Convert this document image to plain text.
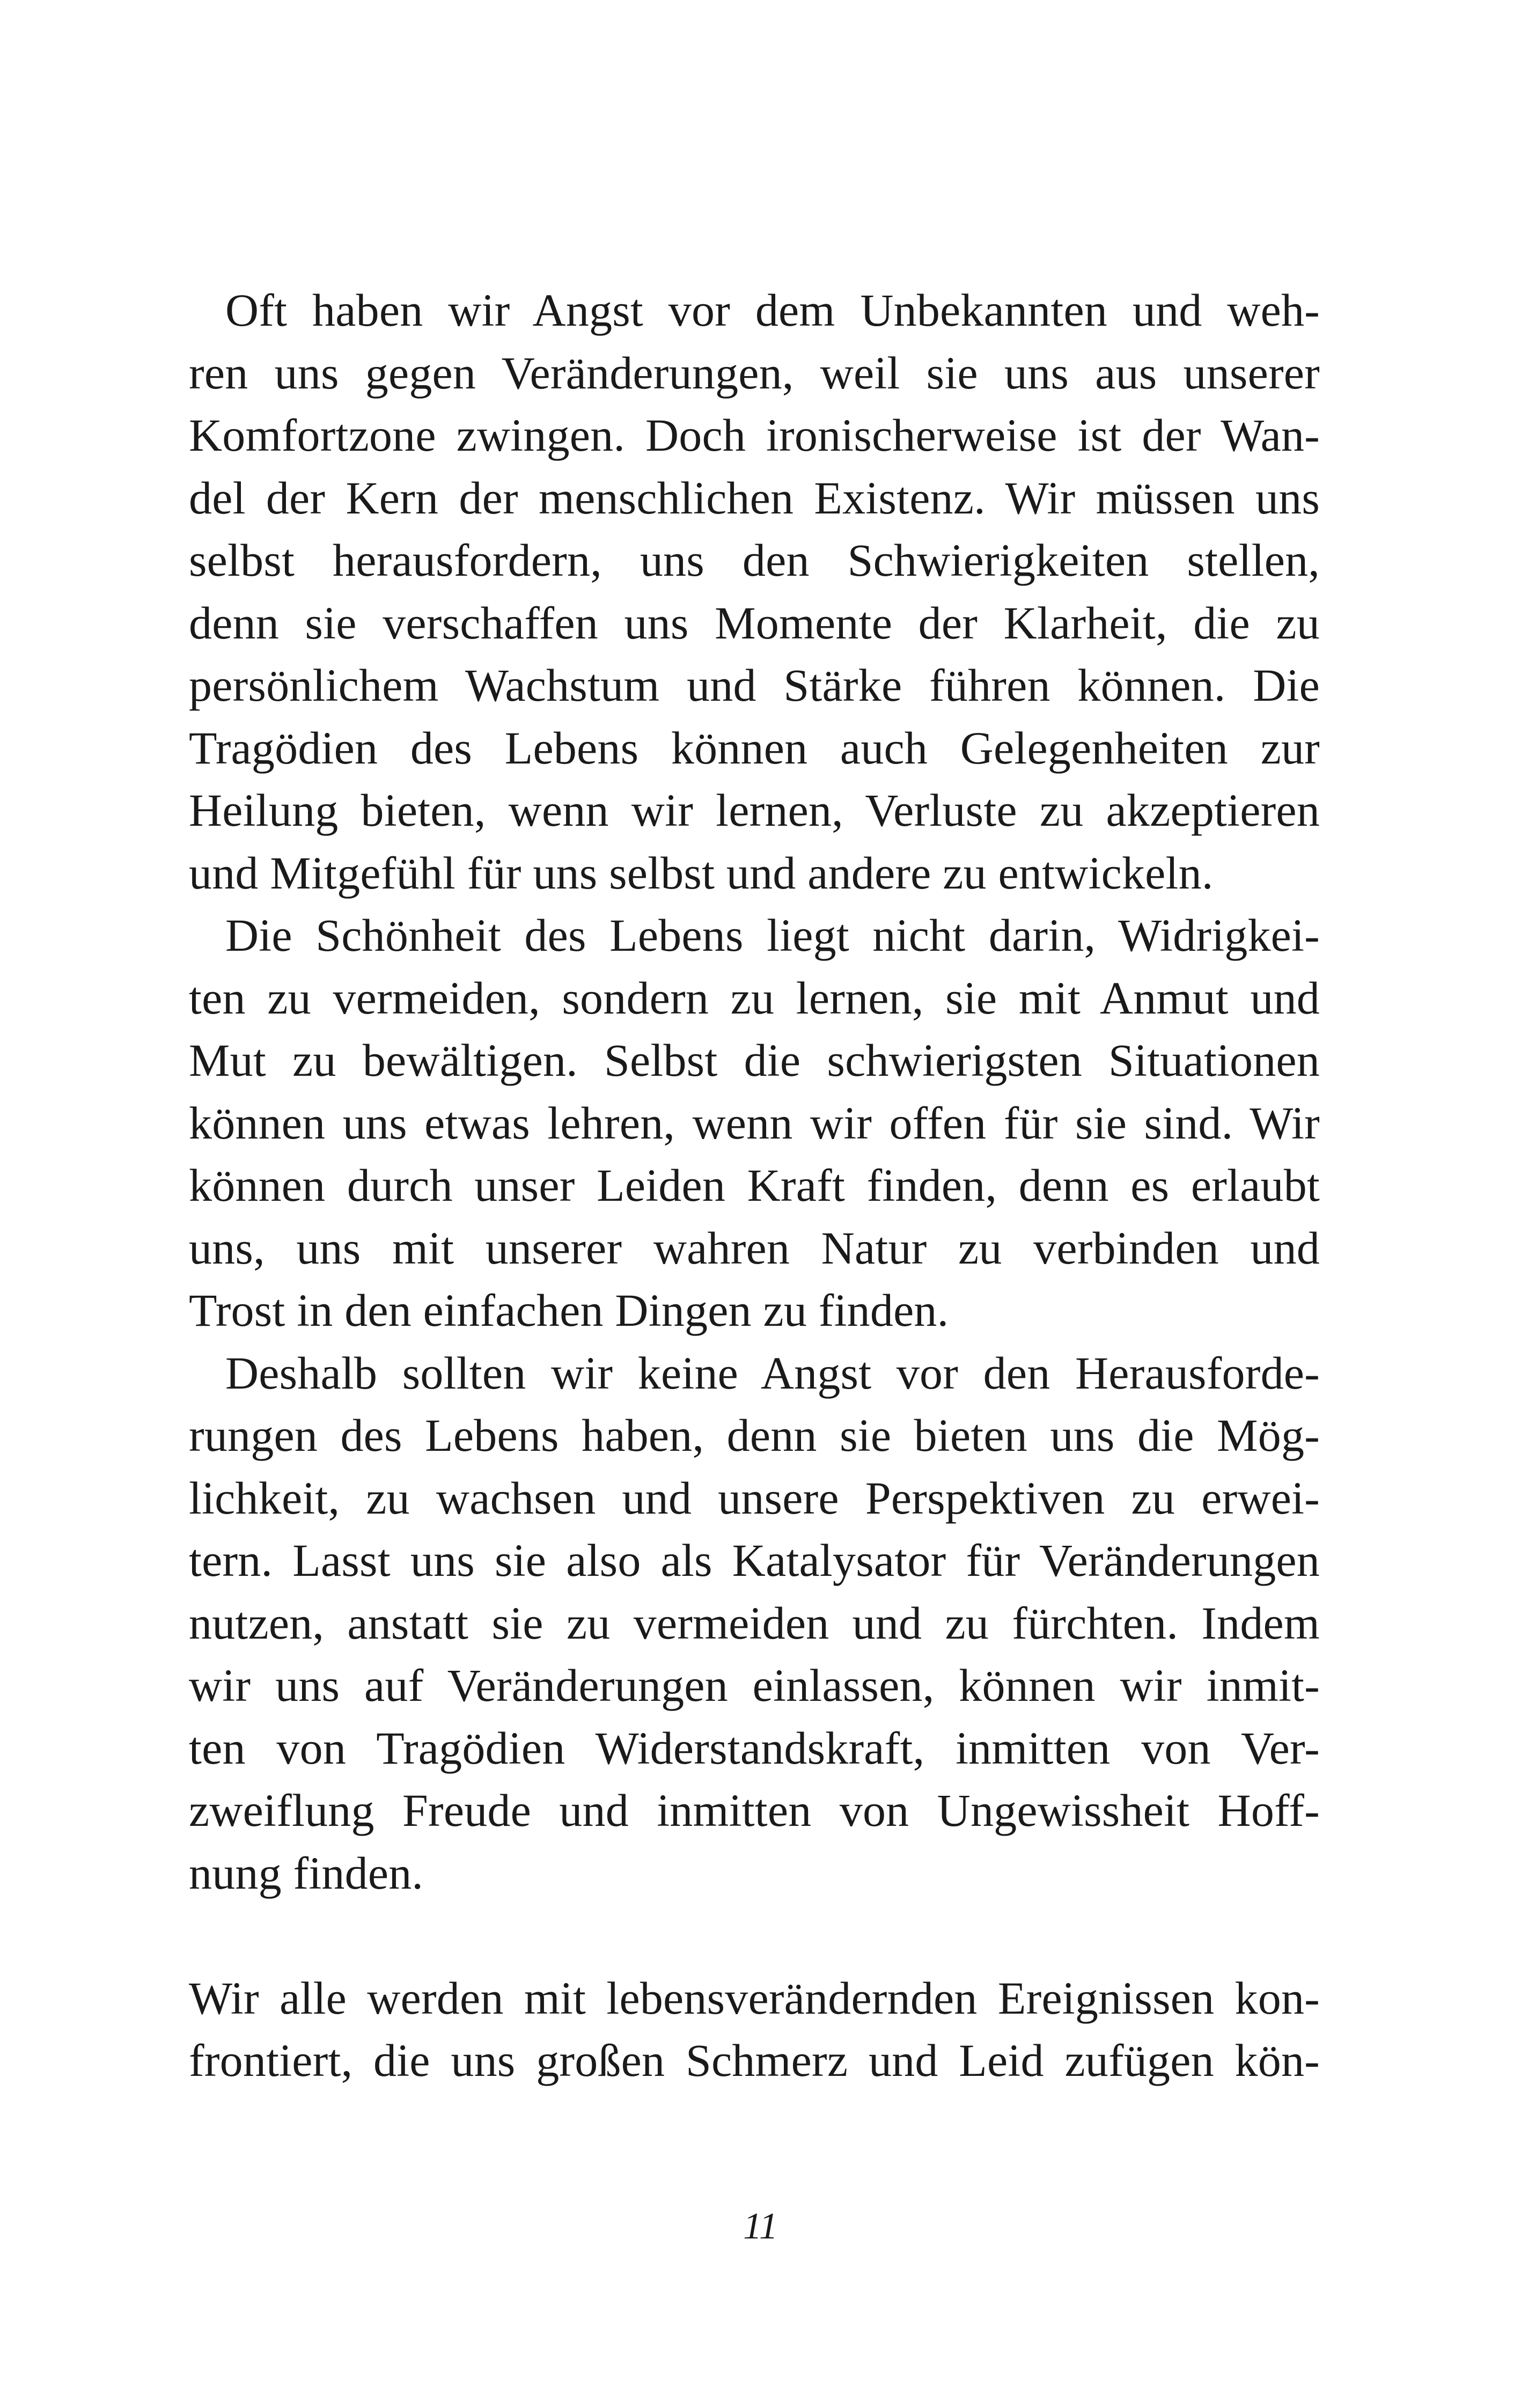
Oft haben wir Angst vor dem Unbekannten und weh-
ren uns gegen Veränderungen, weil sie uns aus unserer
Komfortzone zwingen. Doch ironischerweise ist der Wan-
del der Kern der menschlichen Existenz. Wir müssen uns
selbst herausfordern, uns den Schwierigkeiten stellen,
denn sie verschaffen uns Momente der Klarheit, die zu
persönlichem Wachstum und Stärke führen können. Die
Tragödien des Lebens können auch Gelegenheiten zur
Heilung bieten, wenn wir lernen, Verluste zu akzeptieren
und Mitgefühl für uns selbst und andere zu entwickeln.
Die Schönheit des Lebens liegt nicht darin, Widrigkei-
ten zu vermeiden, sondern zu lernen, sie mit Anmut und
Mut zu bewältigen. Selbst die schwierigsten Situationen
können uns etwas lehren, wenn wir offen für sie sind. Wir
können durch unser Leiden Kraft finden, denn es erlaubt
uns, uns mit unserer wahren Natur zu verbinden und
Trost in den einfachen Dingen zu finden.
Deshalb sollten wir keine Angst vor den Herausforde-
rungen des Lebens haben, denn sie bieten uns die Mög-
lichkeit, zu wachsen und unsere Perspektiven zu erwei-
tern. Lasst uns sie also als Katalysator für Veränderungen
nutzen, anstatt sie zu vermeiden und zu fürchten. Indem
wir uns auf Veränderungen einlassen, können wir inmit-
ten von Tragödien Widerstandskraft, inmitten von Ver-
zweiflung Freude und inmitten von Ungewissheit Hoff-
nung finden.
Wir alle werden mit lebensverändernden Ereignissen kon-
frontiert, die uns großen Schmerz und Leid zufügen kön-
11
